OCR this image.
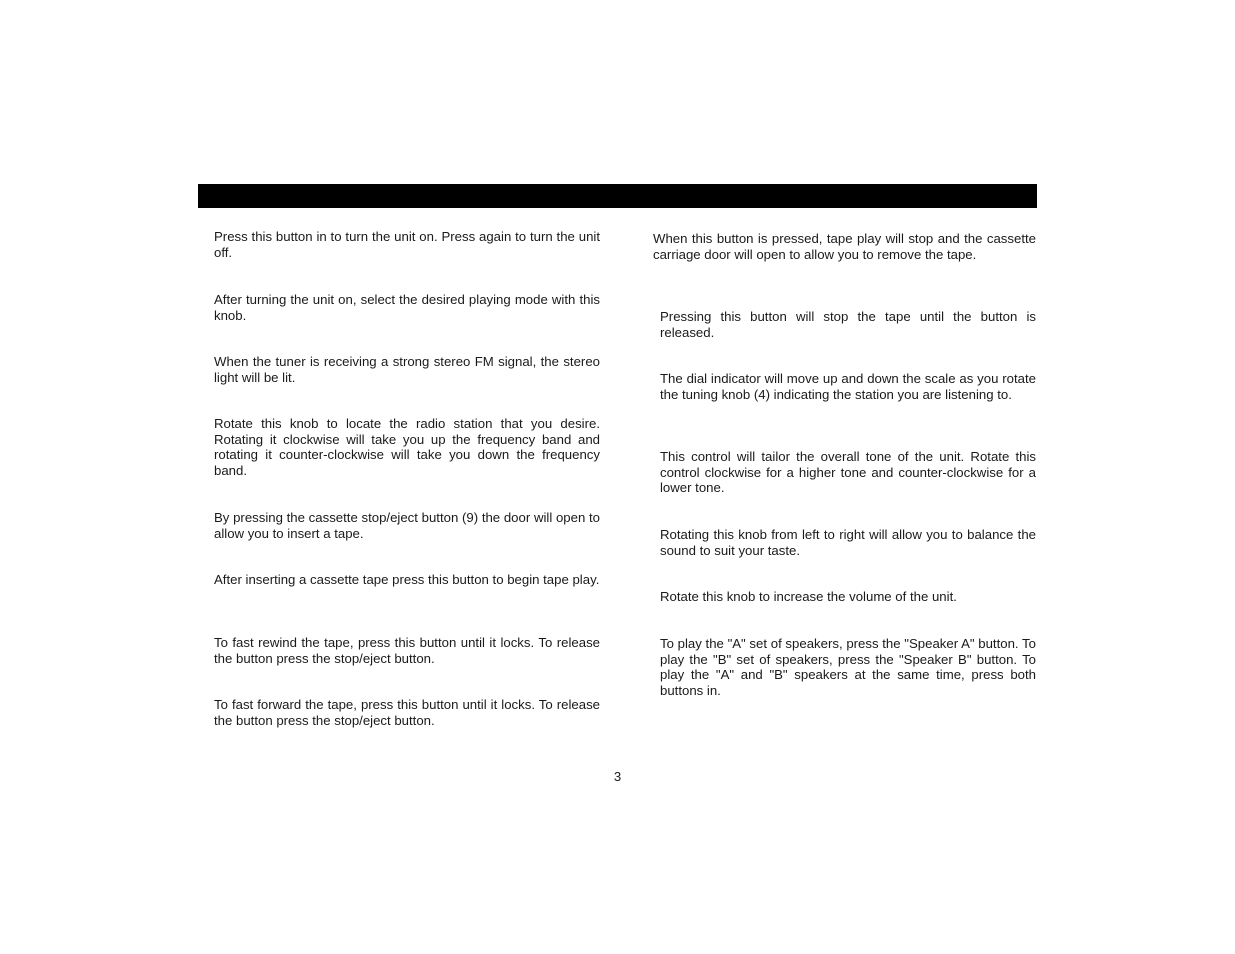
Press this button in to turn the unit on. Press again to turn the unit off.

After turning the unit on, select the desired playing mode with this knob.

When the tuner is receiving a strong stereo FM signal, the stereo light will be lit.

Rotate this knob to locate the radio station that you desire. Rotating it clockwise will take you up the frequency band and rotating it counter-clockwise will take you down the frequency band.

By pressing the cassette stop/eject button (9) the door will open to allow you to insert a tape.

After inserting a cassette tape press this button to begin tape play.

To fast rewind the tape, press this button until it locks. To release the button press the stop/eject button.

To fast forward the tape, press this button until it locks. To release the button press the stop/eject button.

When this button is pressed, tape play will stop and the cassette carriage door will open to allow you to remove the tape.

Pressing this button will stop the tape until the button is released.

The dial indicator will move up and down the scale as you rotate the tuning knob (4) indicating the station you are listening to.

This control will tailor the overall tone of the unit. Rotate this control clockwise for a higher tone and counter-clockwise for a lower tone.

Rotating this knob from left to right will allow you to balance the sound to suit your taste.

Rotate this knob to increase the volume of the unit.

To play the "A" set of speakers, press the "Speaker A" button. To play the "B" set of speakers, press the "Speaker B" button. To play the "A" and "B" speakers at the same time, press both buttons in.

3
